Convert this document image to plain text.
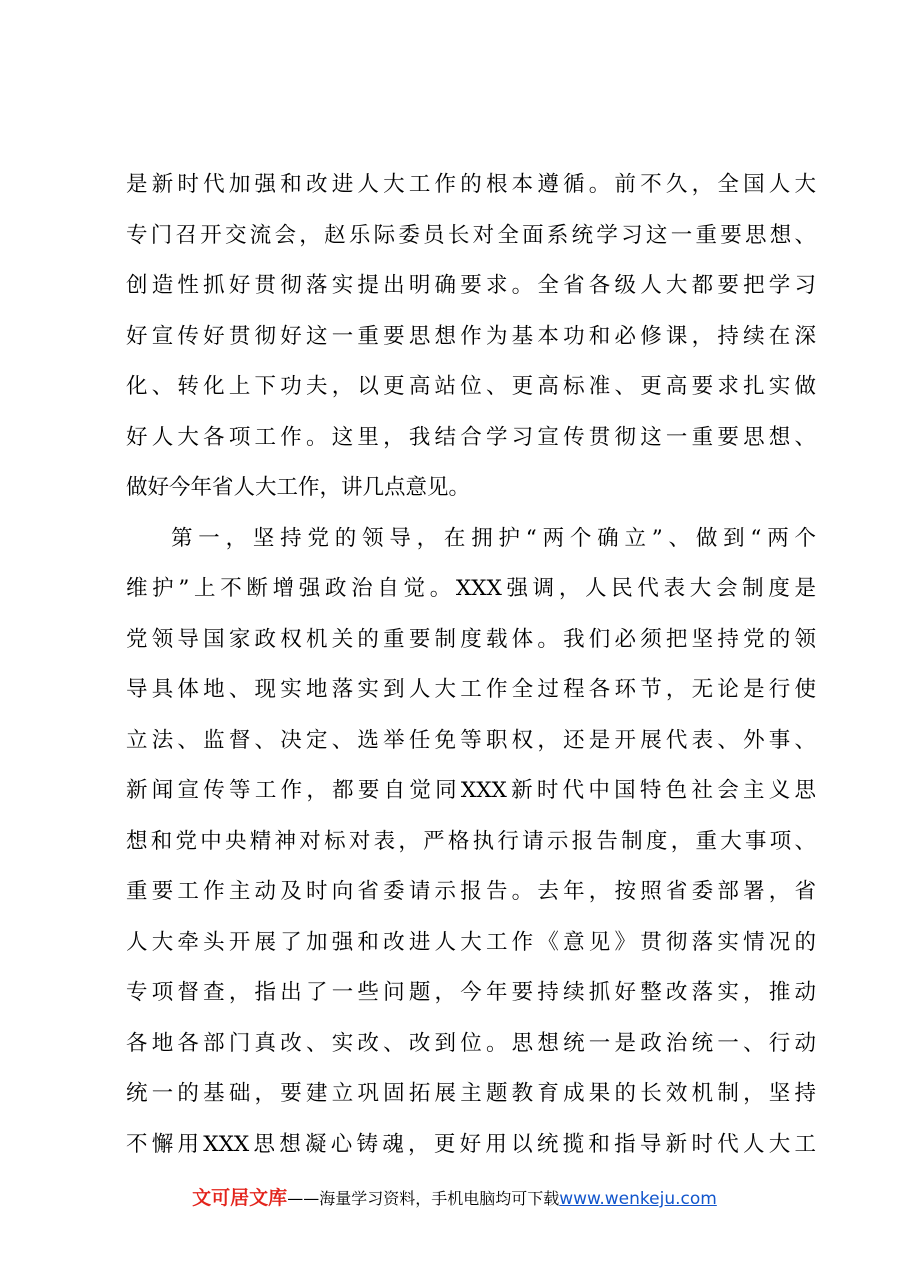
是新时代加强和改进人大工作的根本遵循。前不久，全国人大
专门召开交流会，赵乐际委员长对全面系统学习这一重要思想、
创造性抓好贯彻落实提出明确要求。全省各级人大都要把学习
好宣传好贯彻好这一重要思想作为基本功和必修课，持续在深
化、转化上下功夫，以更高站位、更高标准、更高要求扎实做
好人大各项工作。这里，我结合学习宣传贯彻这一重要思想、
做好今年省人大工作，讲几点意见。
第一，坚持党的领导，在拥护“两个确立”、做到“两个
维护”上不断增强政治自觉。XXX强调，人民代表大会制度是
党领导国家政权机关的重要制度载体。我们必须把坚持党的领
导具体地、现实地落实到人大工作全过程各环节，无论是行使
立法、监督、决定、选举任免等职权，还是开展代表、外事、
新闻宣传等工作，都要自觉同XXX新时代中国特色社会主义思
想和党中央精神对标对表，严格执行请示报告制度，重大事项、
重要工作主动及时向省委请示报告。去年，按照省委部署，省
人大牵头开展了加强和改进人大工作《意见》贯彻落实情况的
专项督查，指出了一些问题，今年要持续抓好整改落实，推动
各地各部门真改、实改、改到位。思想统一是政治统一、行动
统一的基础，要建立巩固拓展主题教育成果的长效机制，坚持
不懈用XXX思想凝心铸魂，更好用以统揽和指导新时代人大工
文可居文库——海量学习资料，手机电脑均可下载www.wenkeju.com
